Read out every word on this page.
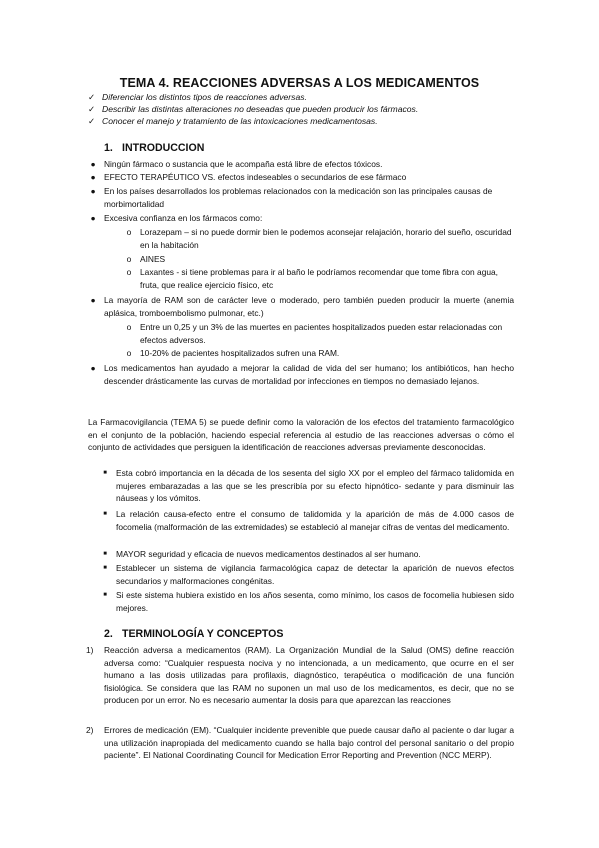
TEMA 4. REACCIONES ADVERSAS A LOS MEDICAMENTOS
✓ Diferenciar los distintos tipos de reacciones adversas.
✓ Describir las distintas alteraciones no deseadas que pueden producir los fármacos.
✓ Conocer el manejo y tratamiento de las intoxicaciones medicamentosas.
1. INTRODUCCION
● Ningún fármaco o sustancia que le acompaña está libre de efectos tóxicos.
● EFECTO TERAPÉUTICO VS. efectos indeseables o secundarios de ese fármaco
● En los países desarrollados los problemas relacionados con la medicación son las principales causas de morbimortalidad
● Excesiva confianza en los fármacos como:
o	Lorazepam – si no puede dormir bien le podemos aconsejar relajación, horario del sueño, oscuridad en la habitación
o	AINES
o	Laxantes - si tiene problemas para ir al baño le podríamos recomendar que tome fibra con agua, fruta, que realice ejercicio físico, etc
● La mayoría de RAM son de carácter leve o moderado, pero también pueden producir la muerte (anemia aplásica, tromboembolismo pulmonar, etc.)
o	Entre un 0,25 y un 3% de las muertes en pacientes hospitalizados pueden estar relacionadas con efectos adversos.
o	10-20% de pacientes hospitalizados sufren una RAM.
● Los medicamentos han ayudado a mejorar la calidad de vida del ser humano; los antibióticos, han hecho descender drásticamente las curvas de mortalidad por infecciones en tiempos no demasiado lejanos.
La Farmacovigilancia (TEMA 5) se puede definir como la valoración de los efectos del tratamiento farmacológico en el conjunto de la población, haciendo especial referencia al estudio de las reacciones adversas o cómo el conjunto de actividades que persiguen la identificación de reacciones adversas previamente desconocidas.
■	Esta cobró importancia en la década de los sesenta del siglo XX por el empleo del fármaco talidomida en mujeres embarazadas a las que se les prescribía por su efecto hipnótico- sedante y para disminuir las náuseas y los vómitos.
■	La relación causa-efecto entre el consumo de talidomida y la aparición de más de 4.000 casos de focomelia (malformación de las extremidades) se estableció al manejar cifras de ventas del medicamento.
■	MAYOR seguridad y eficacia de nuevos medicamentos destinados al ser humano.
■	Establecer un sistema de vigilancia farmacológica capaz de detectar la aparición de nuevos efectos secundarios y malformaciones congénitas.
■	Si este sistema hubiera existido en los años sesenta, como mínimo, los casos de focomelia hubiesen sido mejores.
2. TERMINOLOGÍA Y CONCEPTOS
1) Reacción adversa a medicamentos (RAM). La Organización Mundial de la Salud (OMS) define reacción adversa como: “Cualquier respuesta nociva y no intencionada, a un medicamento, que ocurre en el ser humano a las dosis utilizadas para profilaxis, diagnóstico, terapéutica o modificación de una función fisiológica. Se considera que las RAM no suponen un mal uso de los medicamentos, es decir, que no se producen por un error. No es necesario aumentar la dosis para que aparezcan las reacciones
2) Errores de medicación (EM). “Cualquier incidente prevenible que puede causar daño al paciente o dar lugar a una utilización inapropiada del medicamento cuando se halla bajo control del personal sanitario o del propio paciente”. El National Coordinating Council for Medication Error Reporting and Prevention (NCC MERP).
